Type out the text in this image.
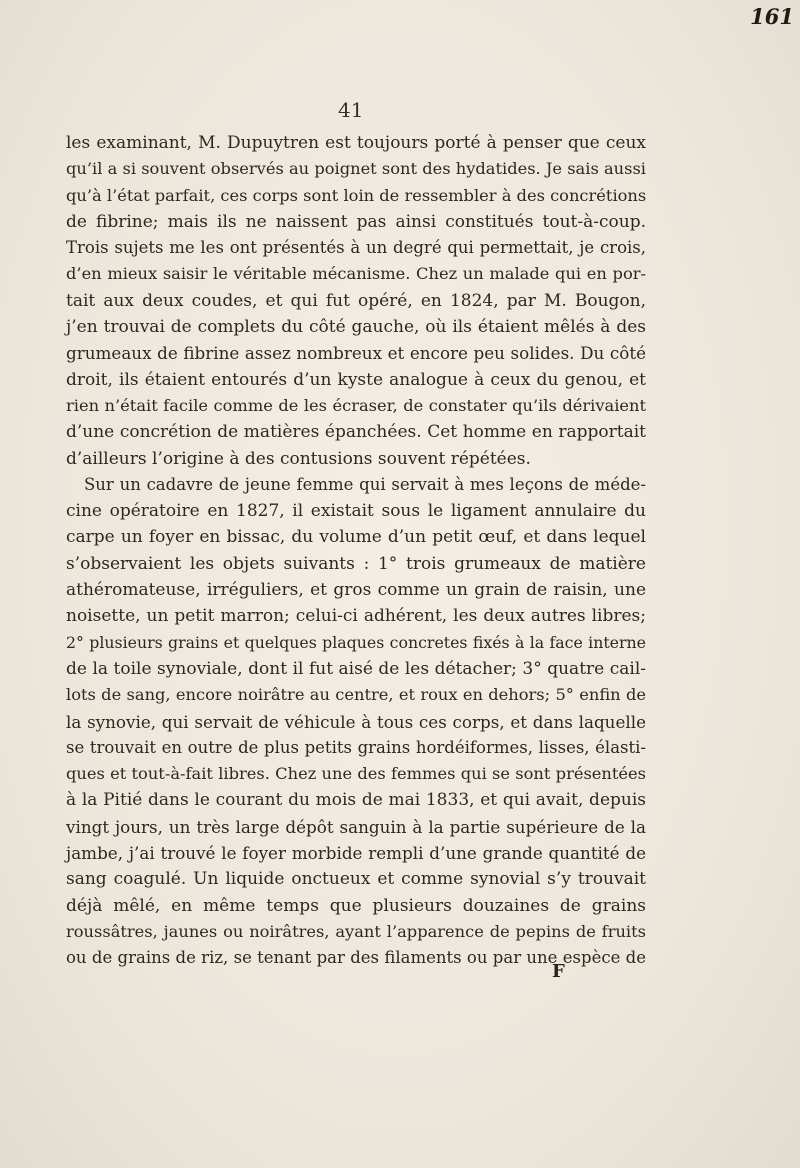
161
41
les examinant, M. Dupuytren est toujours porté à penser que ceux
qu’il a si souvent observés au poignet sont des hydatides. Je sais aussi
qu’à l’état parfait, ces corps sont loin de ressembler à des concrétions
de fibrine; mais ils ne naissent pas ainsi constitués tout-à-coup.
Trois sujets me les ont présentés à un degré qui permettait, je crois,
d’en mieux saisir le véritable mécanisme. Chez un malade qui en por-
tait aux deux coudes, et qui fut opéré, en 1824, par M. Bougon,
j’en trouvai de complets du côté gauche, où ils étaient mêlés à des
grumeaux de fibrine assez nombreux et encore peu solides. Du côté
droit, ils étaient entourés d’un kyste analogue à ceux du genou, et
rien n’était facile comme de les écraser, de constater qu’ils dérivaient
d’une concrétion de matières épanchées. Cet homme en rapportait
d’ailleurs l’origine à des contusions souvent répétées.
Sur un cadavre de jeune femme qui servait à mes leçons de méde-
cine opératoire en 1827, il existait sous le ligament annulaire du
carpe un foyer en bissac, du volume d’un petit œuf, et dans lequel
s’observaient les objets suivants : 1° trois grumeaux de matière
athéromateuse, irréguliers, et gros comme un grain de raisin, une
noisette, un petit marron; celui-ci adhérent, les deux autres libres;
2° plusieurs grains et quelques plaques concretes fixés à la face interne
de la toile synoviale, dont il fut aisé de les détacher; 3° quatre cail-
lots de sang, encore noirâtre au centre, et roux en dehors; 5° enfin de
la synovie, qui servait de véhicule à tous ces corps, et dans laquelle
se trouvait en outre de plus petits grains hordéiformes, lisses, élasti-
ques et tout-à-fait libres. Chez une des femmes qui se sont présentées
à la Pitié dans le courant du mois de mai 1833, et qui avait, depuis
vingt jours, un très large dépôt sanguin à la partie supérieure de la
jambe, j’ai trouvé le foyer morbide rempli d’une grande quantité de
sang coagulé. Un liquide onctueux et comme synovial s’y trouvait
déjà mêlé, en même temps que plusieurs douzaines de grains
roussâtres, jaunes ou noirâtres, ayant l’apparence de pepins de fruits
ou de grains de riz, se tenant par des filaments ou par une espèce de
F
